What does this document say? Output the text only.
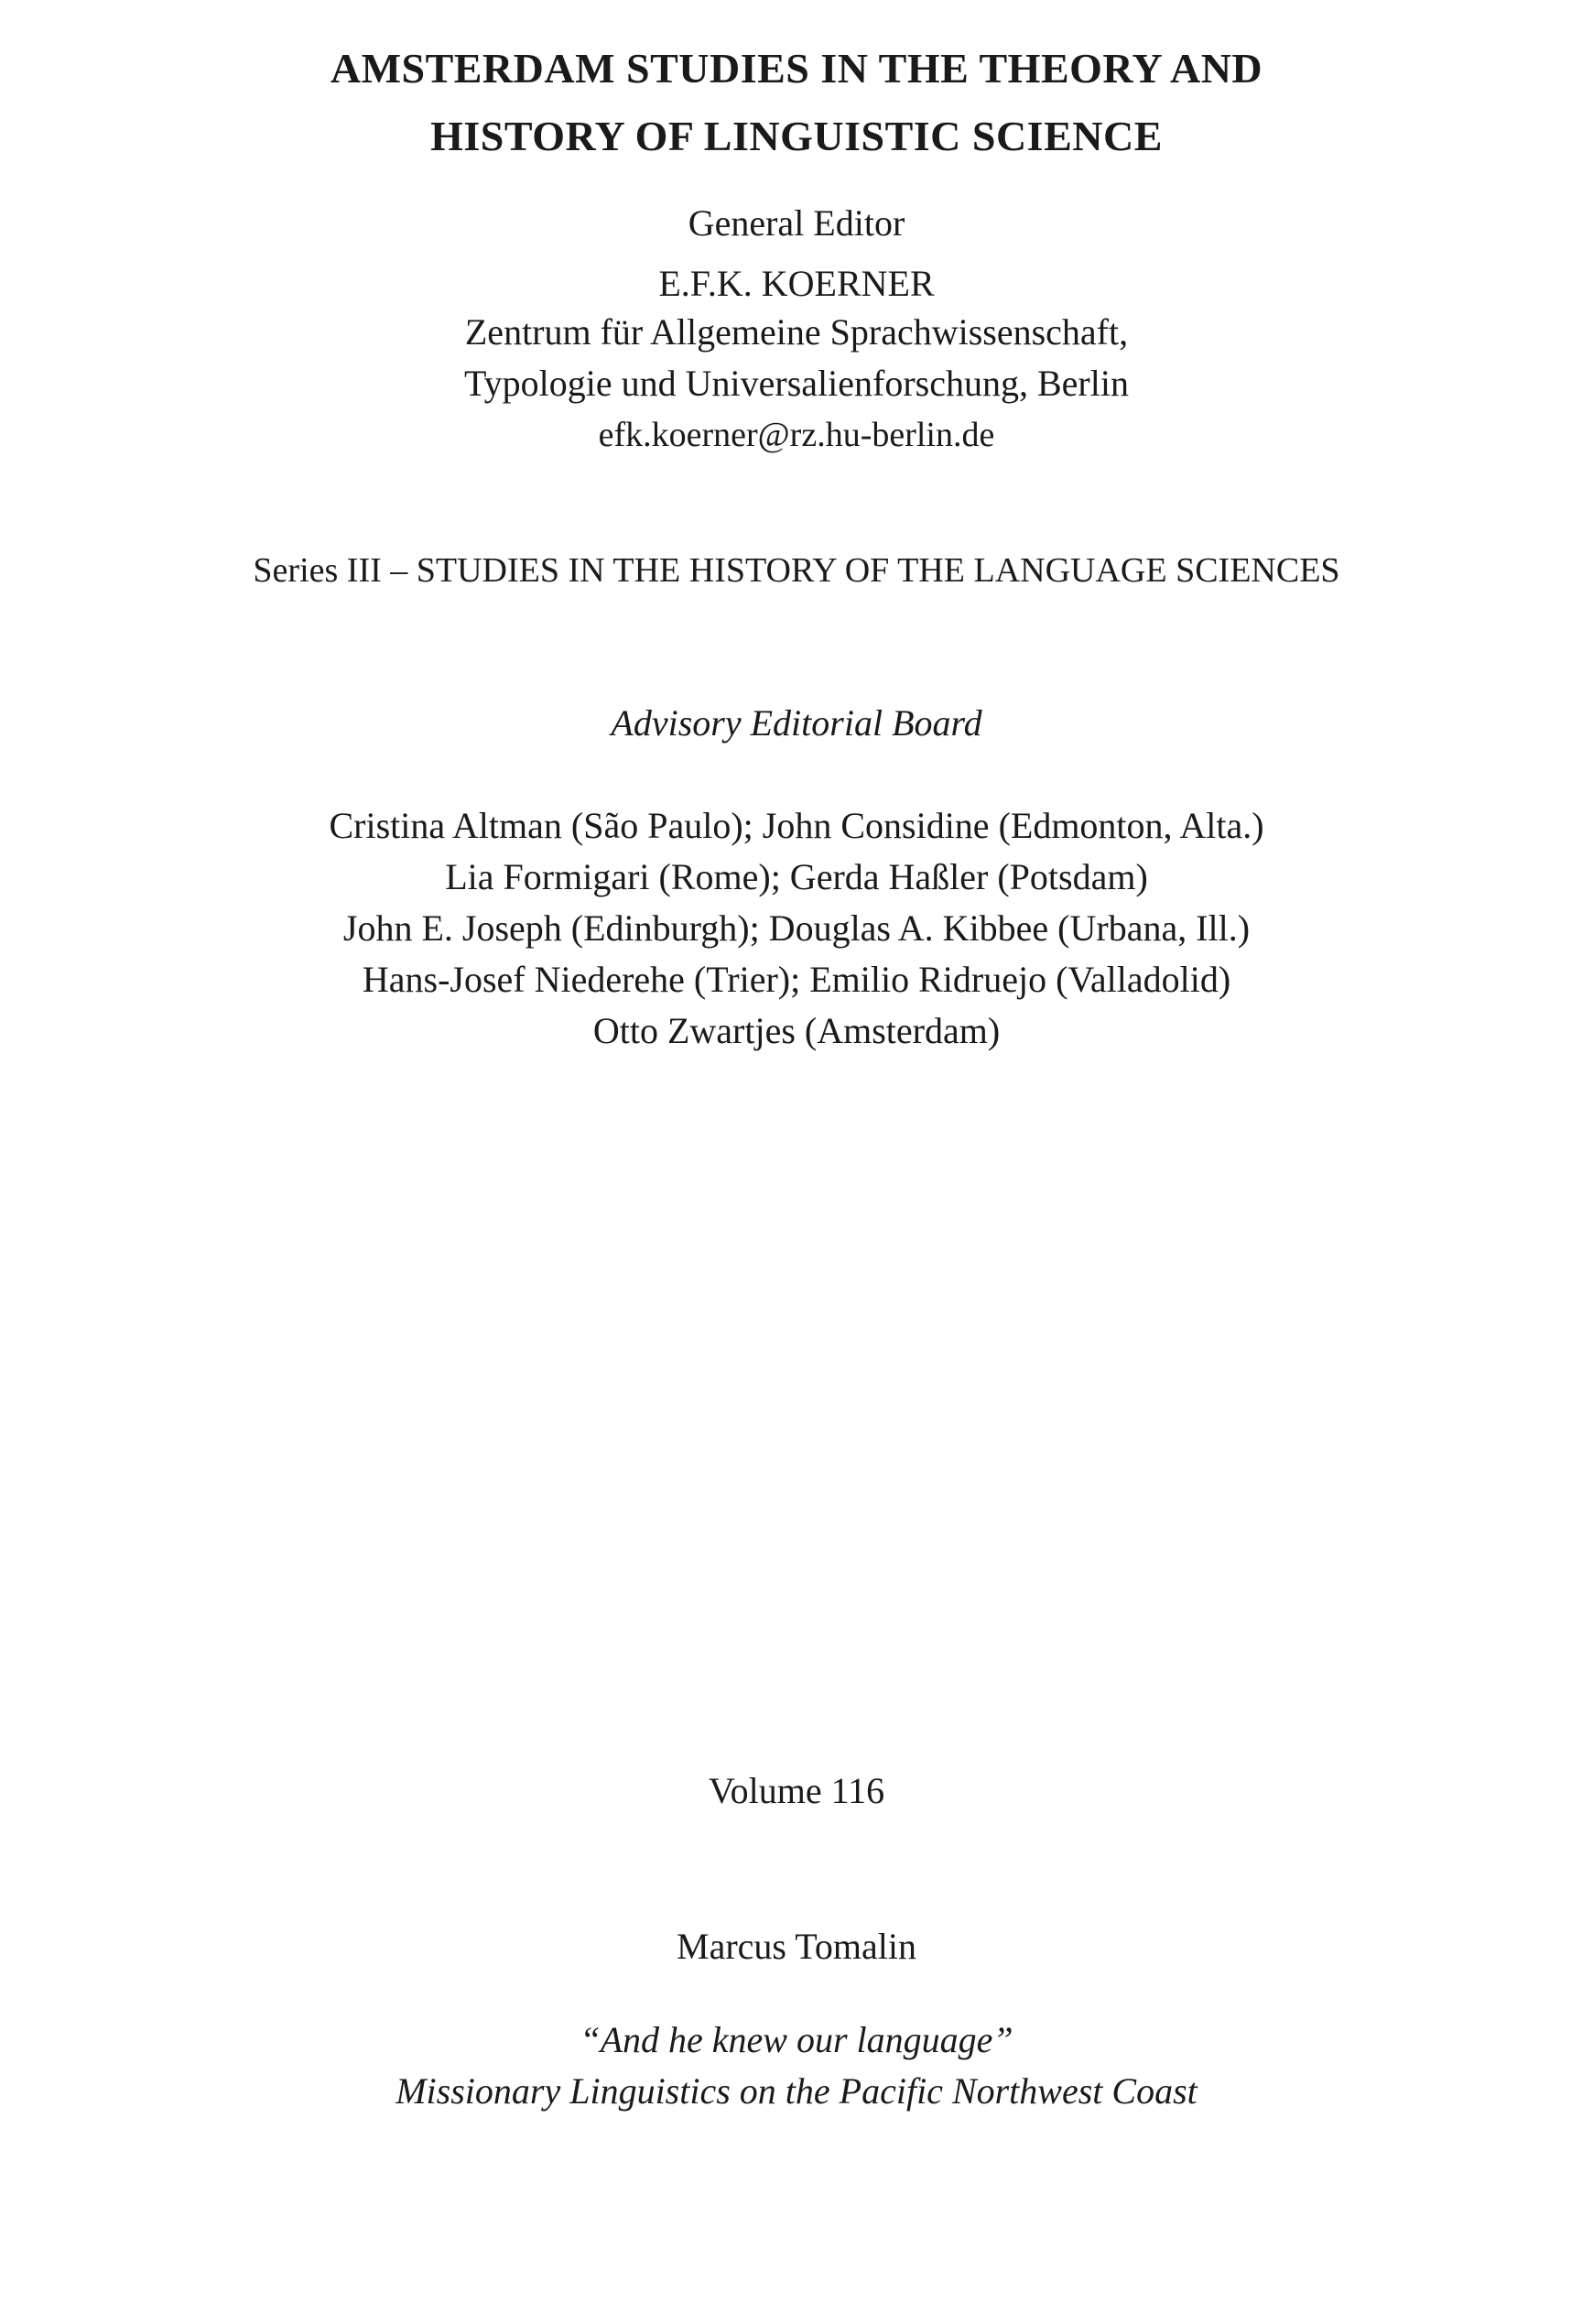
AMSTERDAM STUDIES IN THE THEORY AND
HISTORY OF LINGUISTIC SCIENCE
General Editor
E.F.K. KOERNER
Zentrum für Allgemeine Sprachwissenschaft,
Typologie und Universalienforschung, Berlin
efk.koerner@rz.hu-berlin.de
Series III – STUDIES IN THE HISTORY OF THE LANGUAGE SCIENCES
Advisory Editorial Board
Cristina Altman (São Paulo); John Considine (Edmonton, Alta.)
Lia Formigari (Rome); Gerda Haßler (Potsdam)
John E. Joseph (Edinburgh); Douglas A. Kibbee (Urbana, Ill.)
Hans-Josef Niederehe (Trier); Emilio Ridruejo (Valladolid)
Otto Zwartjes (Amsterdam)
Volume 116
Marcus Tomalin
“And he knew our language”
Missionary Linguistics on the Pacific Northwest Coast
